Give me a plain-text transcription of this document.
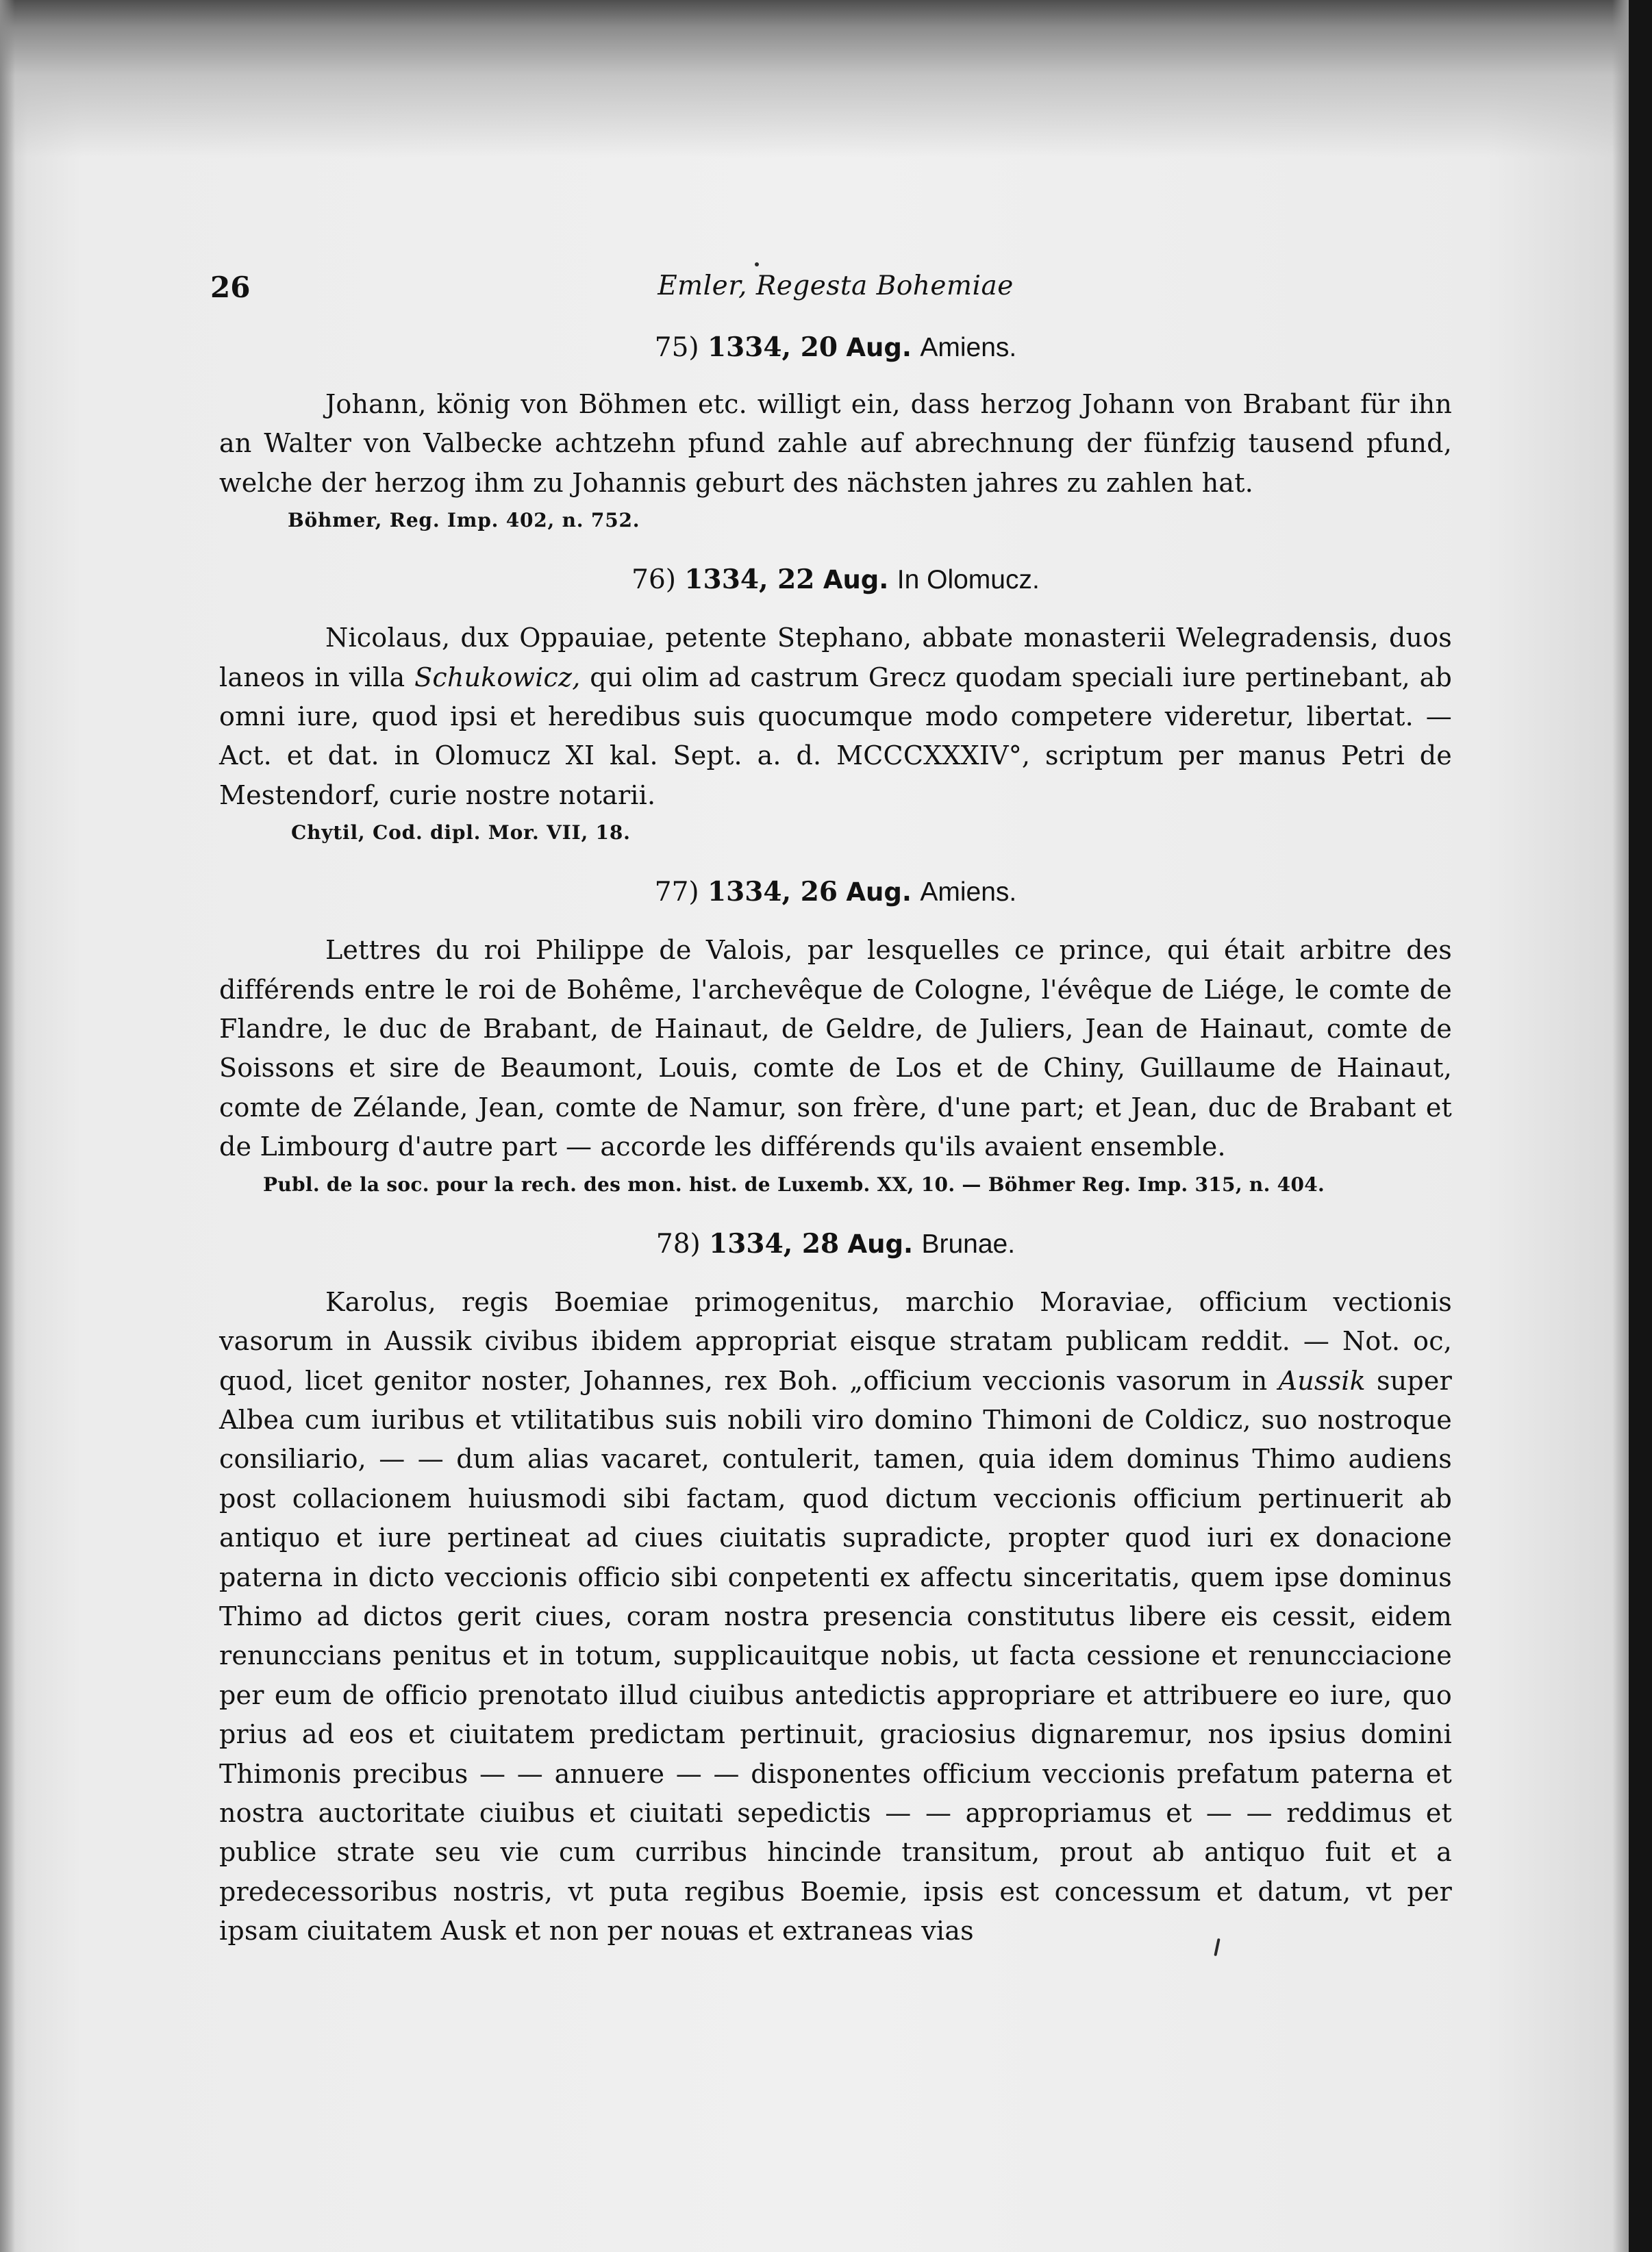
26	Emler, Regesta Bohemiae
75) 1334, 20 Aug. Amiens.

Johann, könig von Böhmen etc. willigt ein, dass herzog Johann von Brabant für ihn an Walter von Valbecke achtzehn pfund zahle auf abrechnung der fünfzig tausend pfund, welche der herzog ihm zu Johannis geburt des nächsten jahres zu zahlen hat.

Böhmer, Reg. Imp. 402, n. 752.
76) 1334, 22 Aug. In Olomucz.

Nicolaus, dux Oppauiae, petente Stephano, abbate monasterii Welegradensis, duos laneos in villa Schukowicz, qui olim ad castrum Grecz quodam speciali iure pertinebant, ab omni iure, quod ipsi et heredibus suis quocumque modo competere videretur, libertat. — Act. et dat. in Olomucz XI kal. Sept. a. d. MCCCXXXIV°, scriptum per manus Petri de Mestendorf, curie nostre notarii.

Chytil, Cod. dipl. Mor. VII, 18.
77) 1334, 26 Aug. Amiens.

Lettres du roi Philippe de Valois, par lesquelles ce prince, qui était arbitre des différends entre le roi de Bohême, l'archevêque de Cologne, l'évêque de Liége, le comte de Flandre, le duc de Brabant, de Hainaut, de Geldre, de Juliers, Jean de Hainaut, comte de Soissons et sire de Beaumont, Louis, comte de Los et de Chiny, Guillaume de Hainaut, comte de Zélande, Jean, comte de Namur, son frère, d'une part; et Jean, duc de Brabant et de Limbourg d'autre part — accorde les différends qu'ils avaient ensemble.

Publ. de la soc. pour la rech. des mon. hist. de Luxemb. XX, 10. — Böhmer Reg. Imp. 315, n. 404.
78) 1334, 28 Aug. Brunae.

Karolus, regis Boemiae primogenitus, marchio Moraviae, officium vectionis vasorum in Aussik civibus ibidem appropriat eisque stratam publicam reddit. — Not. oc, quod, licet genitor noster, Johannes, rex Boh. „officium veccionis vasorum in Aussik super Albea cum iuribus et vtilitatibus suis nobili viro domino Thimoni de Coldicz, suo nostroque consiliario, — — dum alias vacaret, contulerit, tamen, quia idem dominus Thimo audiens post collacionem huiusmodi sibi factam, quod dictum veccionis officium pertinuerit ab antiquo et iure pertineat ad ciues ciuitatis supradicte, propter quod iuri ex donacione paterna in dicto veccionis officio sibi conpetenti ex affectu sinceritatis, quem ipse dominus Thimo ad dictos gerit ciues, coram nostra presencia constitutus libere eis cessit, eidem renunccians penitus et in totum, supplicauitque nobis, ut facta cessione et renuncciacione per eum de officio prenotato illud ciuibus antedictis appropriare et attribuere eo iure, quo prius ad eos et ciuitatem predictam pertinuit, graciosius dignaremur, nos ipsius domini Thimonis precibus — — annuere — — disponentes officium veccionis prefatum paterna et nostra auctoritate ciuibus et ciuitati sepedictis — — appropriamus et — — reddimus et publice strate seu vie cum curribus hincinde transitum, prout ab antiquo fuit et a predecessoribus nostris, vt puta regibus Boemie, ipsis est concessum et datum, vt per ipsam ciuitatem Ausk et non per nouas et extraneas vias
